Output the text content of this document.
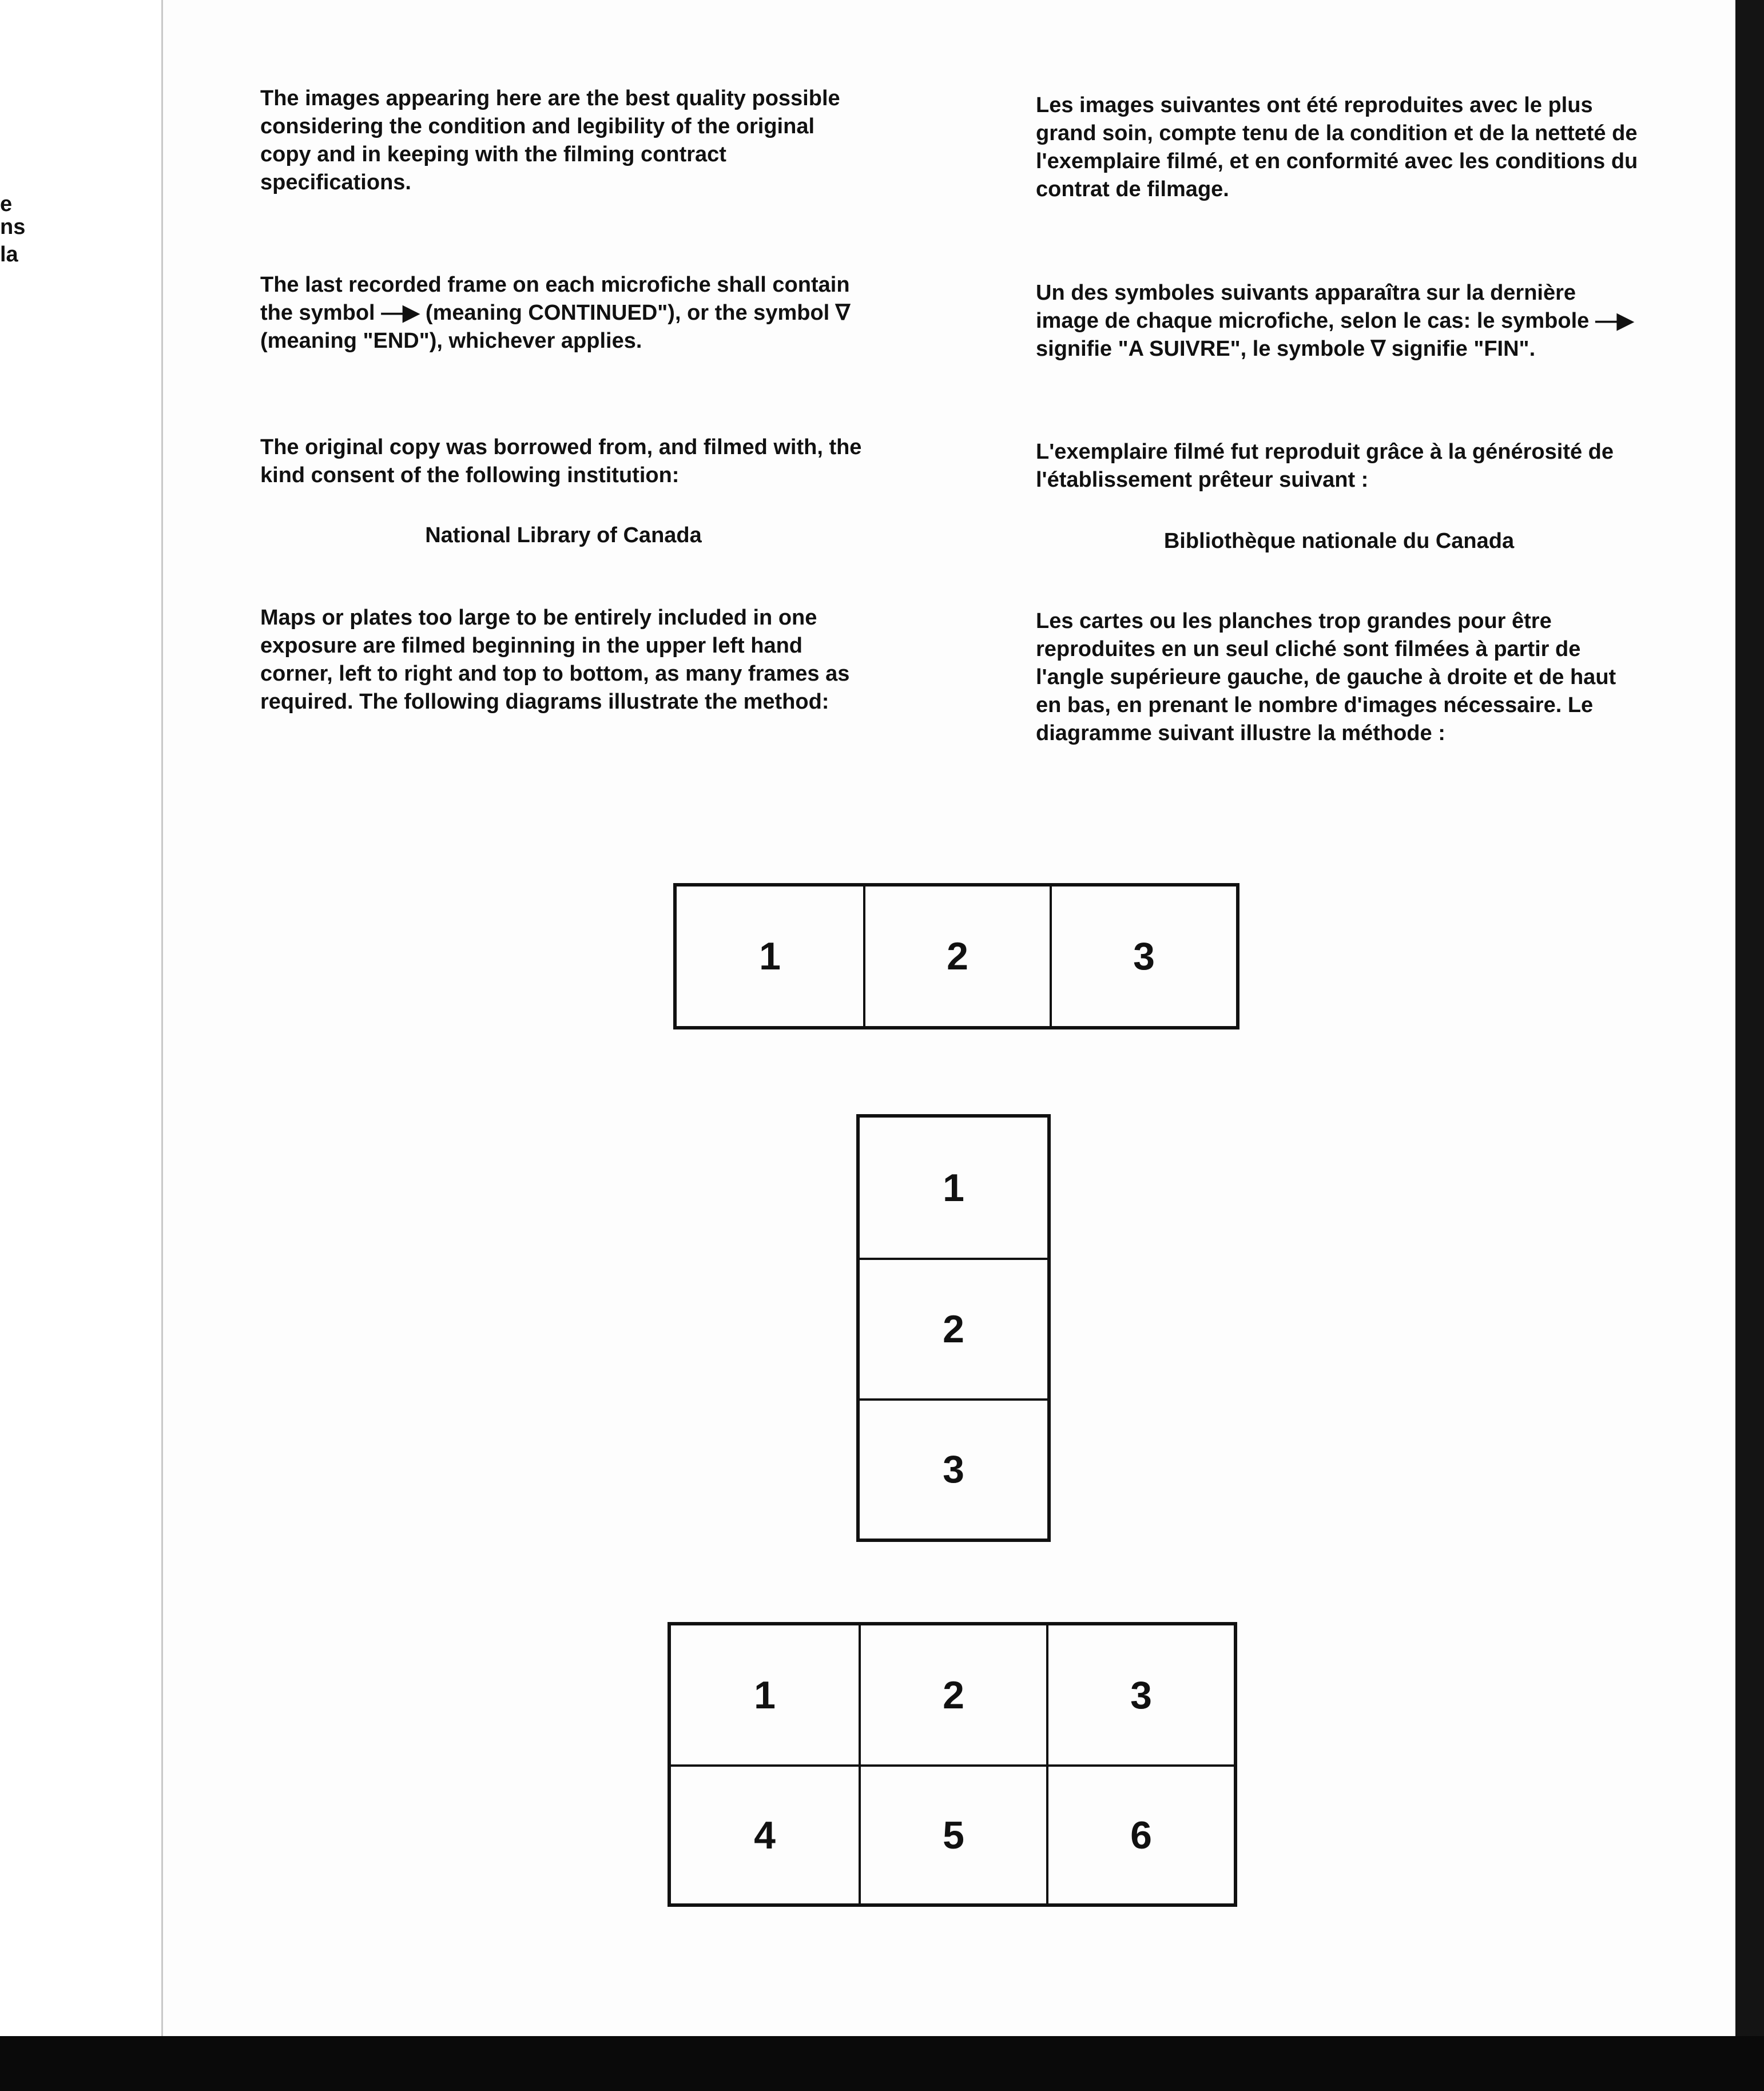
e
ns
la

The images appearing here are the best quality possible considering the condition and legibility of the original copy and in keeping with the filming contract specifications.

The last recorded frame on each microfiche shall contain the symbol —▶ (meaning CONTINUED"), or the symbol ∇ (meaning "END"), whichever applies.

The original copy was borrowed from, and filmed with, the kind consent of the following institution:

National Library of Canada

Maps or plates too large to be entirely included in one exposure are filmed beginning in the upper left hand corner, left to right and top to bottom, as many frames as required. The following diagrams illustrate the method:

Les images suivantes ont été reproduites avec le plus grand soin, compte tenu de la condition et de la netteté de l'exemplaire filmé, et en conformité avec les conditions du contrat de filmage.

Un des symboles suivants apparaîtra sur la dernière image de chaque microfiche, selon le cas: le symbole —▶ signifie "A SUIVRE", le symbole ∇ signifie "FIN".

L'exemplaire filmé fut reproduit grâce à la générosité de l'établissement prêteur suivant :

Bibliothèque nationale du Canada

Les cartes ou les planches trop grandes pour être reproduites en un seul cliché sont filmées à partir de l'angle supérieure gauche, de gauche à droite et de haut en bas, en prenant le nombre d'images nécessaire. Le diagramme suivant illustre la méthode :

1	2	3
1
2
3
1	2	3
4	5	6
